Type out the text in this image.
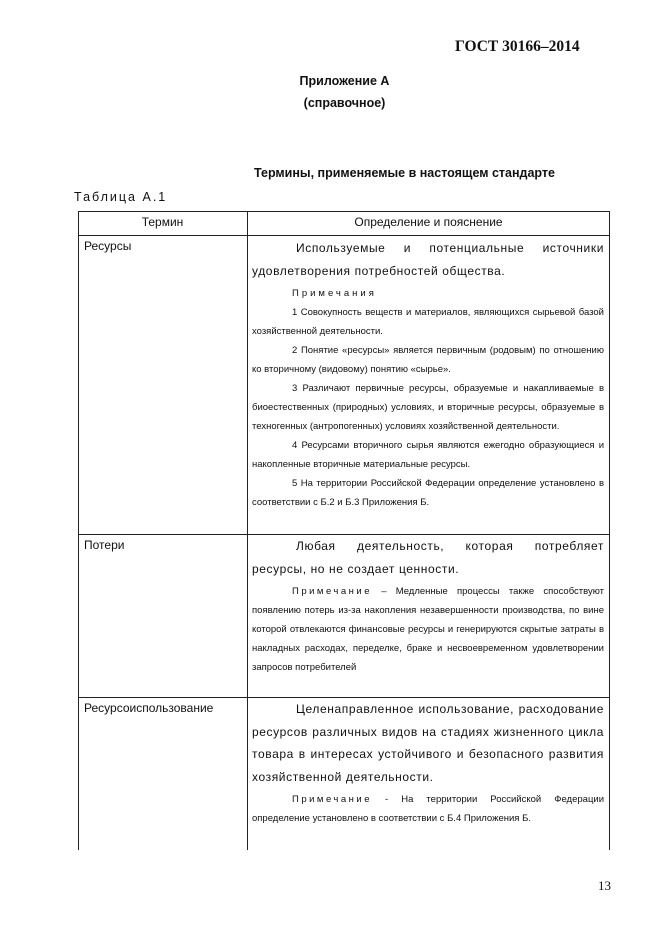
ГОСТ 30166–2014
Приложение А
(справочное)
Термины, применяемые в настоящем стандарте
Таблица А.1
Термин	Определение и пояснение
Ресурсы	Используемые и потенциальные источники удовлетворения потребностей общества.
Примечания
1 Совокупность веществ и материалов, являющихся сырьевой базой хозяйственной деятельности.
2 Понятие «ресурсы» является первичным (родовым) по отношению ко вторичному (видовому) понятию «сырье».
3 Различают первичные ресурсы, образуемые и накапливаемые в биоестественных (природных) условиях, и вторичные ресурсы, образуемые в техногенных (антропогенных) условиях хозяйственной деятельности.
4 Ресурсами вторичного сырья являются ежегодно образующиеся и накопленные вторичные материальные ресурсы.
5 На территории Российской Федерации определение установлено в соответствии с Б.2 и Б.3 Приложения Б.
Потери	Любая деятельность, которая потребляет ресурсы, но не создает ценности.
Примечание – Медленные процессы также способствуют появлению потерь из-за накопления незавершенности производства, по вине которой отвлекаются финансовые ресурсы и генерируются скрытые затраты в накладных расходах, переделке, браке и несвоевременном удовлетворении запросов потребителей
Ресурсоиспользование	Целенаправленное использование, расходование ресурсов различных видов на стадиях жизненного цикла товара в интересах устойчивого и безопасного развития хозяйственной деятельности.
Примечание - На территории Российской Федерации определение установлено в соответствии с Б.4 Приложения Б.
13
